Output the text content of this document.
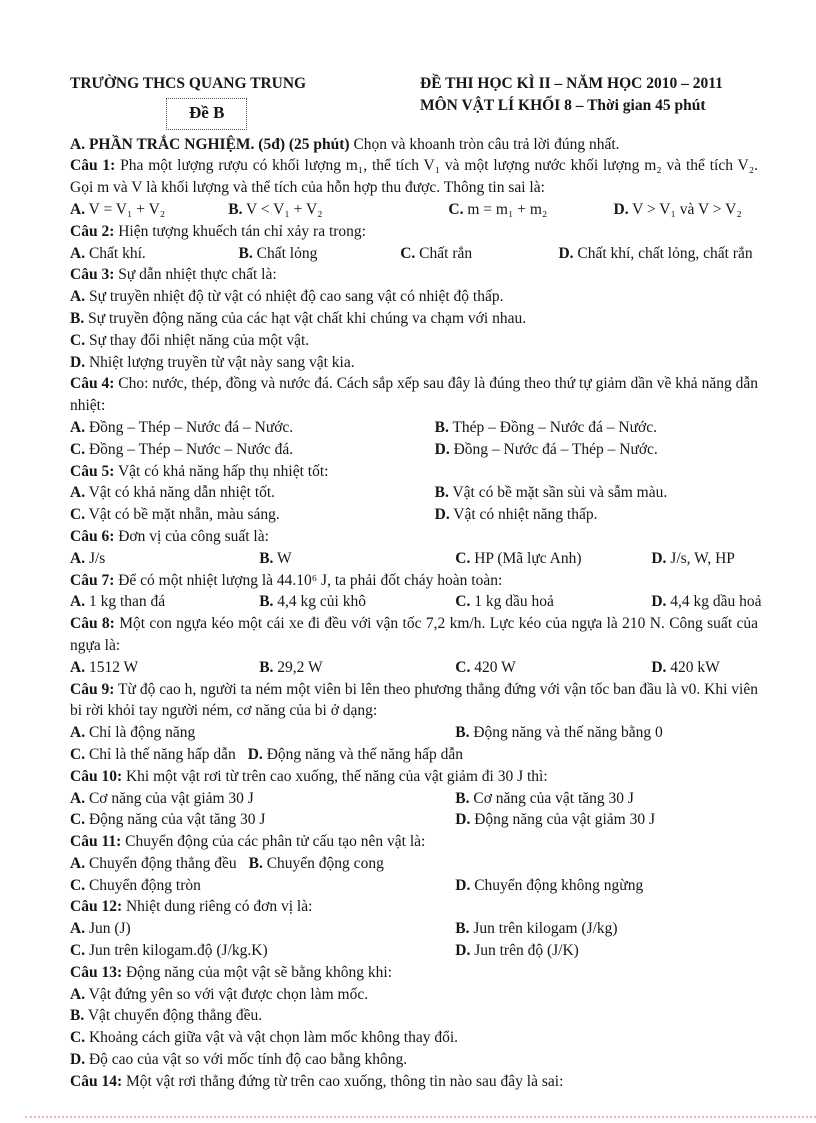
TRƯỜNG THCS QUANG TRUNG
Đề B
ĐỀ THI HỌC KÌ II – NĂM HỌC 2010 – 2011
MÔN VẬT LÍ KHỐI 8 – Thời gian 45 phút
A. PHẦN TRẮC NGHIỆM. (5đ) (25 phút) Chọn và khoanh tròn câu trả lời đúng nhất.
Câu 1: Pha một lượng rượu có khối lượng m₁, thể tích V₁ và một lượng nước khối lượng m₂ và thể tích V₂. Gọi m và V là khối lượng và thể tích của hỗn hợp thu được. Thông tin sai là:
A. V = V₁ + V₂	B. V < V₁ + V₂	C. m = m₁ + m₂	D. V > V₁ và V > V₂
Câu 2: Hiện tượng khuếch tán chỉ xảy ra trong:
A. Chất khí.	B. Chất lỏng	C. Chất rắn	D. Chất khí, chất lỏng, chất rắn
Câu 3: Sự dẫn nhiệt thực chất là:
A. Sự truyền nhiệt độ từ vật có nhiệt độ cao sang vật có nhiệt độ thấp.
B. Sự truyền động năng của các hạt vật chất khi chúng va chạm với nhau.
C. Sự thay đổi nhiệt năng của một vật.
D. Nhiệt lượng truyền từ vật này sang vật kia.
Câu 4: Cho: nước, thép, đồng và nước đá. Cách sắp xếp sau đây là đúng theo thứ tự giảm dần về khả năng dẫn nhiệt:
A. Đồng – Thép – Nước đá – Nước.	B. Thép – Đồng – Nước đá – Nước.
C. Đồng – Thép – Nước – Nước đá.	D. Đồng – Nước đá – Thép – Nước.
Câu 5: Vật có khả năng hấp thụ nhiệt tốt:
A. Vật có khả năng dẫn nhiệt tốt.	B. Vật có bề mặt sần sùi và sẫm màu.
C. Vật có bề mặt nhẵn, màu sáng.	D. Vật có nhiệt năng thấp.
Câu 6: Đơn vị của công suất là:
A. J/s	B. W	C. HP (Mã lực Anh)	D. J/s, W, HP
Câu 7: Để có một nhiệt lượng là 44.10⁶ J, ta phải đốt cháy hoàn toàn:
A. 1 kg than đá	B. 4,4 kg củi khô	C. 1 kg dầu hoả	D. 4,4 kg dầu hoả
Câu 8: Một con ngựa kéo một cái xe đi đều với vận tốc 7,2 km/h. Lực kéo của ngựa là 210 N. Công suất của ngựa là:
A. 1512 W	B. 29,2 W	C. 420 W	D. 420 kW
Câu 9: Từ độ cao h, người ta ném một viên bi lên theo phương thẳng đứng với vận tốc ban đầu là v0. Khi viên bi rời khỏi tay người ném, cơ năng của bi ở dạng:
A. Chỉ là động năng	B. Động năng và thế năng bằng 0
C. Chỉ là thế năng hấp dẫn D. Động năng và thế năng hấp dẫn
Câu 10: Khi một vật rơi từ trên cao xuống, thế năng của vật giảm đi 30 J thì:
A. Cơ năng của vật giảm 30 J	B. Cơ năng của vật tăng 30 J
C. Động năng của vật tăng 30 J	D. Động năng của vật giảm 30 J
Câu 11: Chuyển động của các phân tử cấu tạo nên vật là:
A. Chuyển động thẳng đều B. Chuyển động cong
C. Chuyển động tròn	D. Chuyển động không ngừng
Câu 12: Nhiệt dung riêng có đơn vị là:
A. Jun (J)	B. Jun trên kilogam (J/kg)
C. Jun trên kilogam.độ (J/kg.K)	D. Jun trên độ (J/K)
Câu 13: Động năng của một vật sẽ bằng không khi:
A. Vật đứng yên so với vật được chọn làm mốc.
B. Vật chuyển động thẳng đều.
C. Khoảng cách giữa vật và vật chọn làm mốc không thay đổi.
D. Độ cao của vật so với mốc tính độ cao bằng không.
Câu 14: Một vật rơi thẳng đứng từ trên cao xuống, thông tin nào sau đây là sai:
